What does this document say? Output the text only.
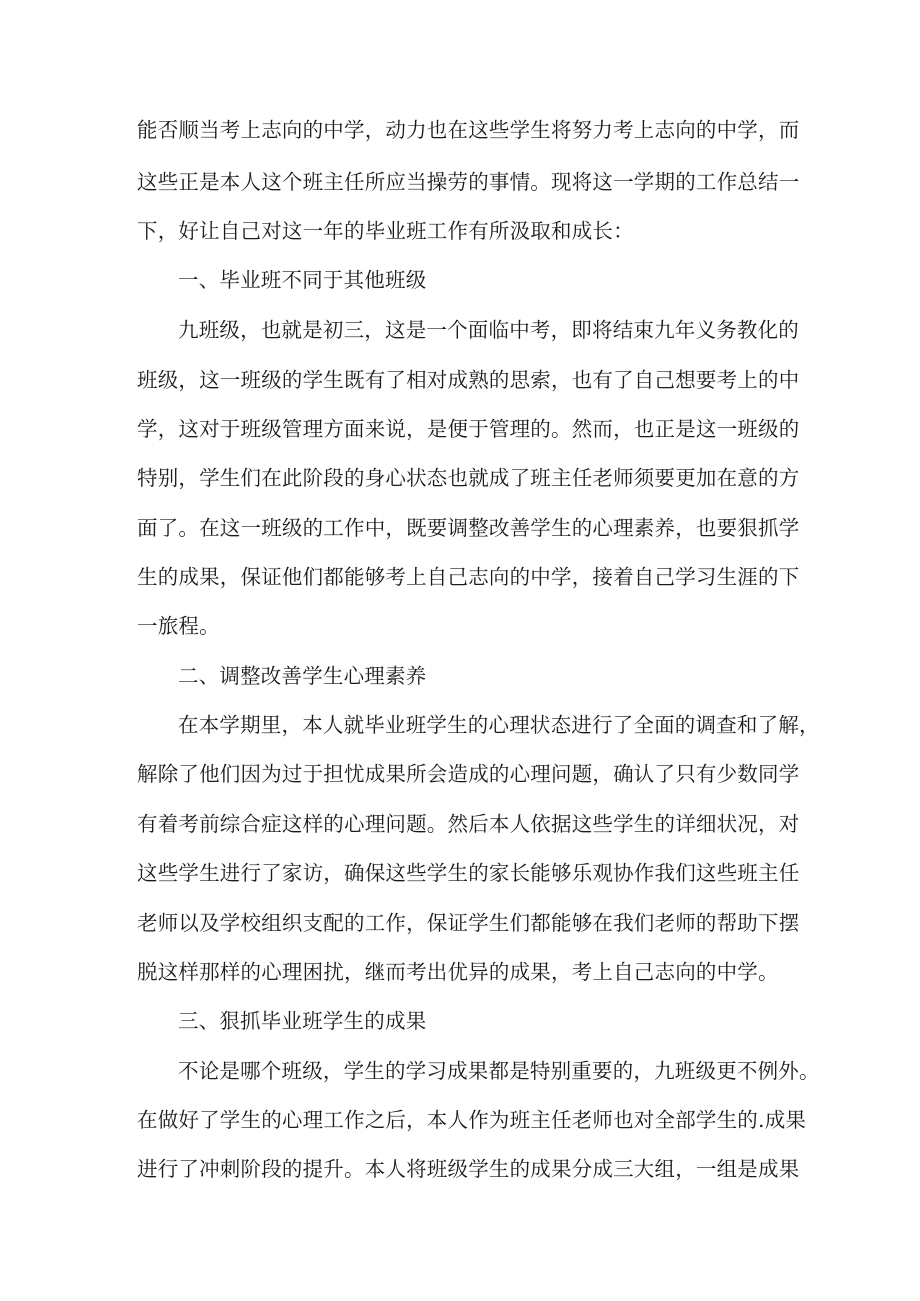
能否顺当考上志向的中学，动力也在这些学生将努力考上志向的中学，而
这些正是本人这个班主任所应当操劳的事情。现将这一学期的工作总结一
下，好让自己对这一年的毕业班工作有所汲取和成长：
一、毕业班不同于其他班级
九班级，也就是初三，这是一个面临中考，即将结束九年义务教化的
班级，这一班级的学生既有了相对成熟的思索，也有了自己想要考上的中
学，这对于班级管理方面来说，是便于管理的。然而，也正是这一班级的
特别，学生们在此阶段的身心状态也就成了班主任老师须要更加在意的方
面了。在这一班级的工作中，既要调整改善学生的心理素养，也要狠抓学
生的成果，保证他们都能够考上自己志向的中学，接着自己学习生涯的下
一旅程。
二、调整改善学生心理素养
在本学期里，本人就毕业班学生的心理状态进行了全面的调查和了解，
解除了他们因为过于担忧成果所会造成的心理问题，确认了只有少数同学
有着考前综合症这样的心理问题。然后本人依据这些学生的详细状况，对
这些学生进行了家访，确保这些学生的家长能够乐观协作我们这些班主任
老师以及学校组织支配的工作，保证学生们都能够在我们老师的帮助下摆
脱这样那样的心理困扰，继而考出优异的成果，考上自己志向的中学。
三、狠抓毕业班学生的成果
不论是哪个班级，学生的学习成果都是特别重要的，九班级更不例外。
在做好了学生的心理工作之后，本人作为班主任老师也对全部学生的.成果
进行了冲刺阶段的提升。本人将班级学生的成果分成三大组，一组是成果
